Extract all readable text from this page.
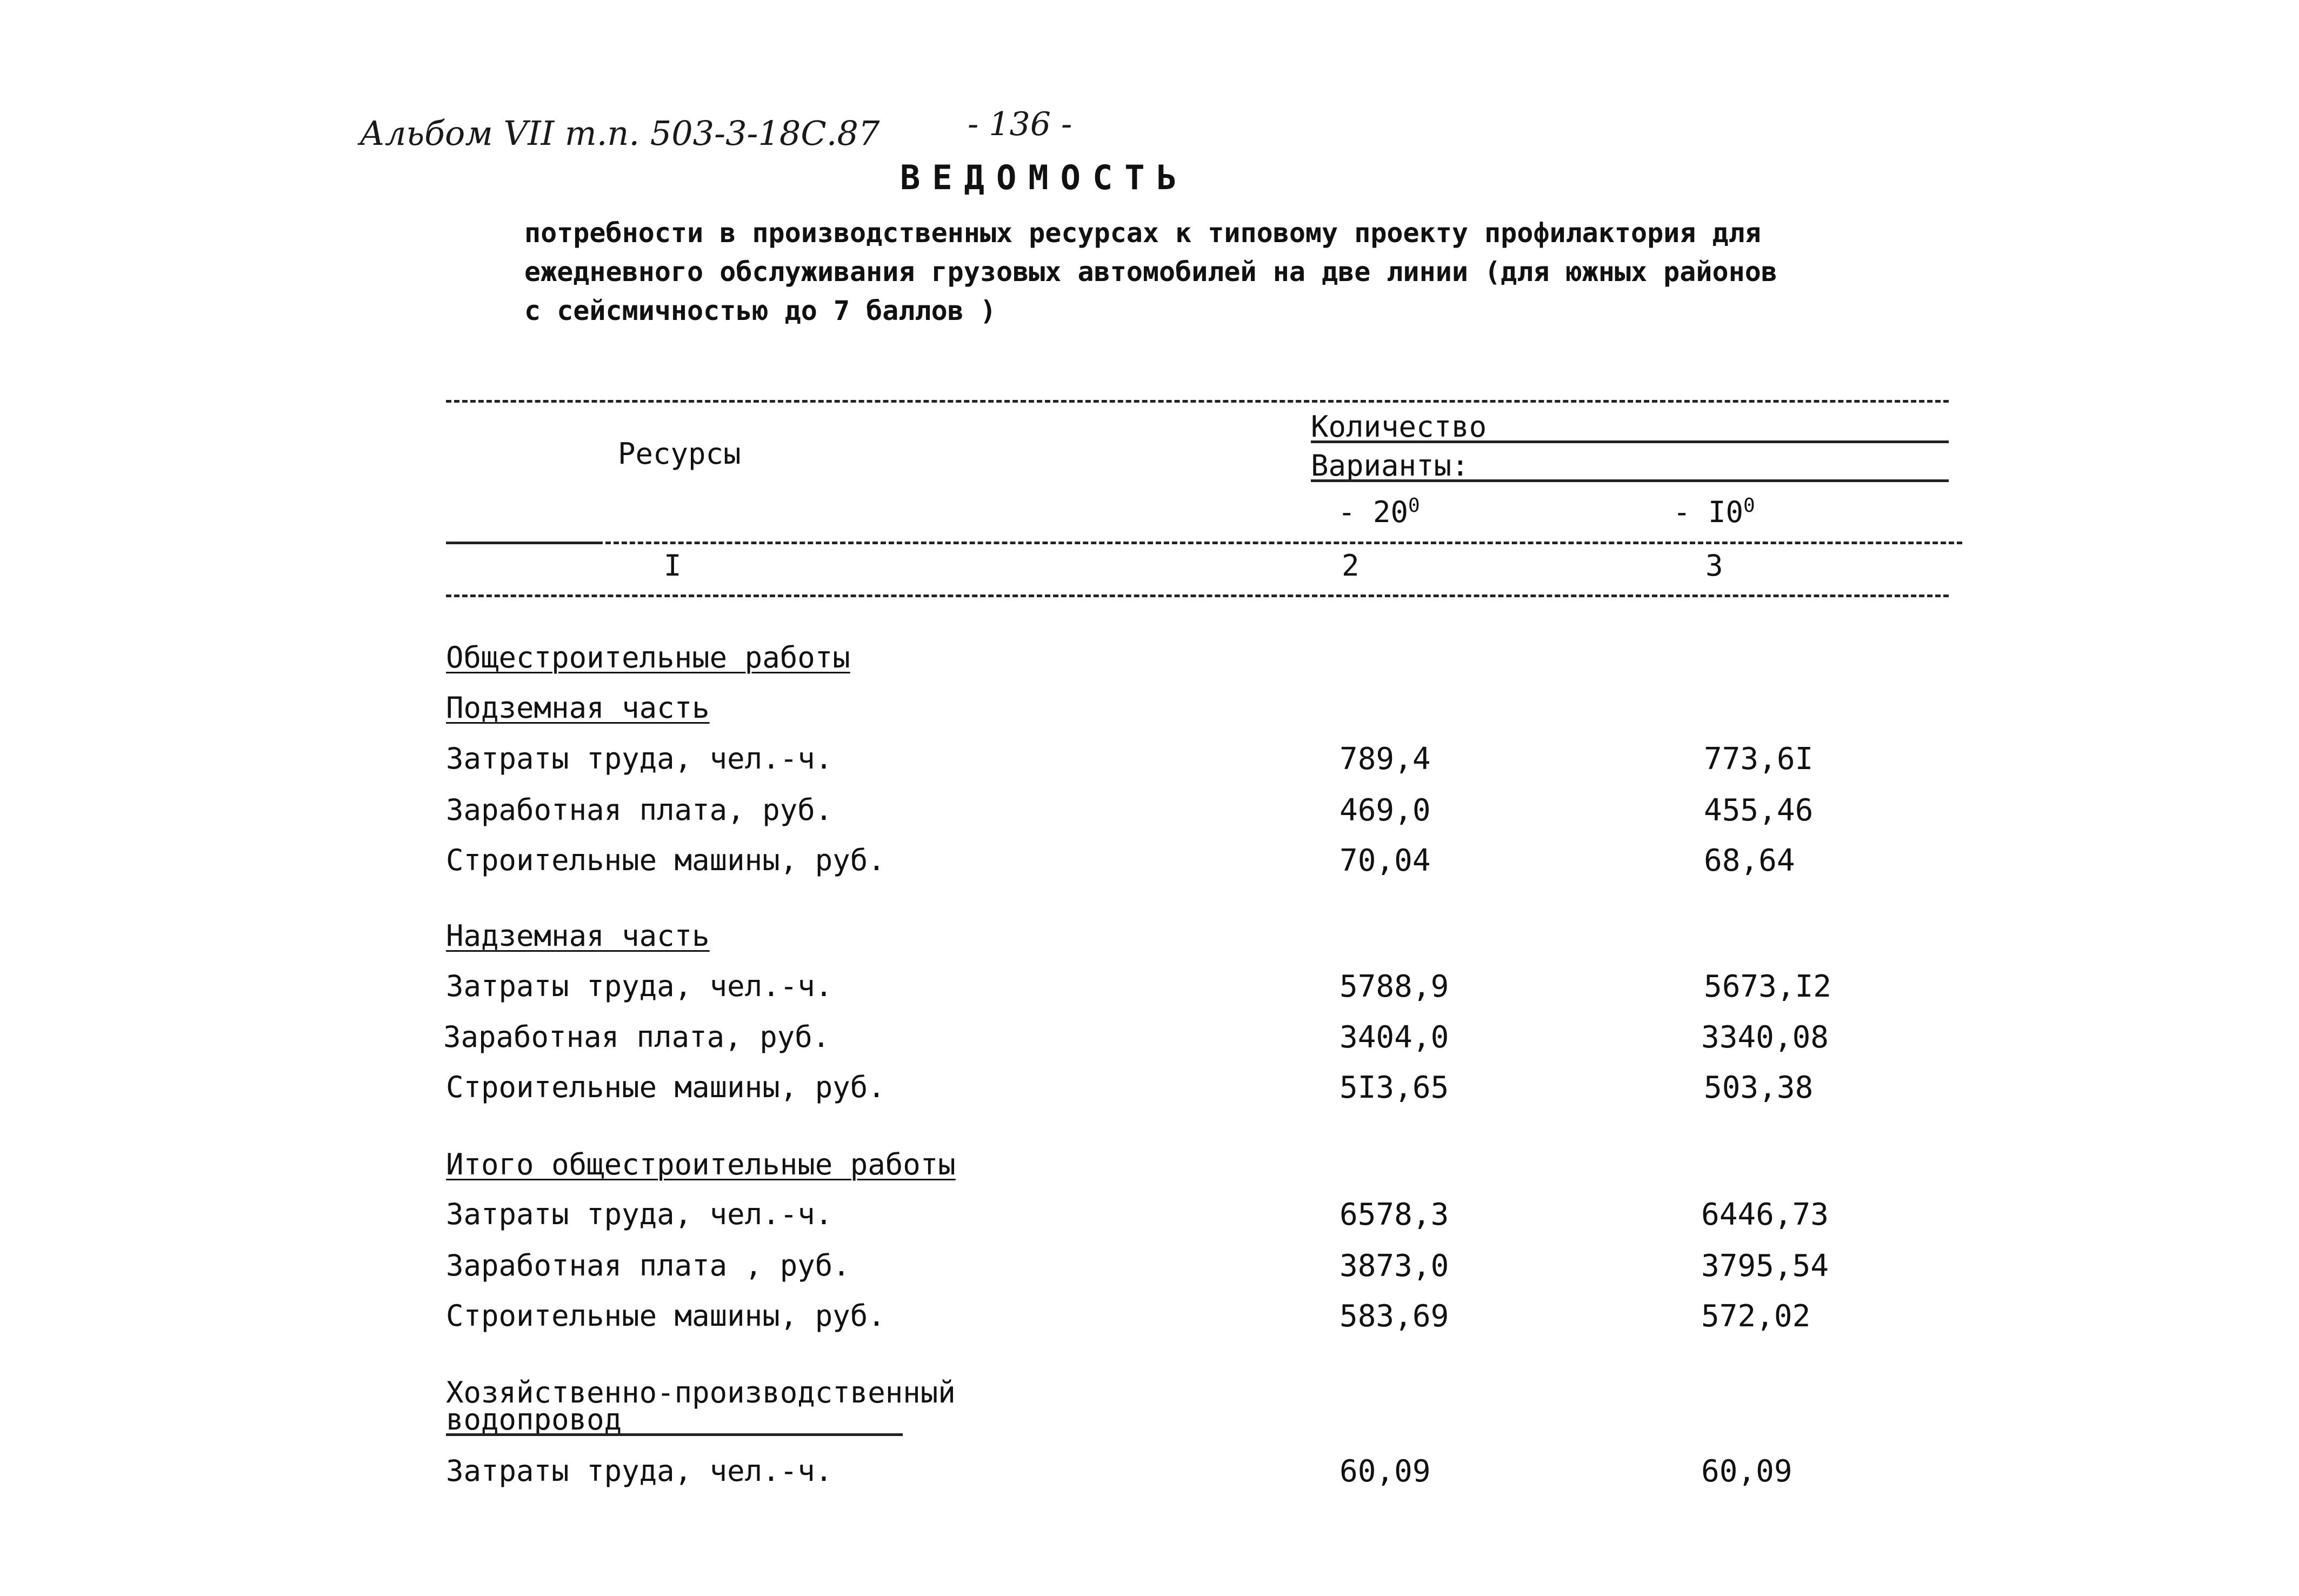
Альбом VII т.п. 503-3-18С.87	- 136 -
ВЕДОМОСТЬ
потребности в производственных ресурсах к типовому проекту профилактория для
ежедневного обслуживания грузовых автомобилей на две линии (для южных районов
с сейсмичностью до 7 баллов )
Ресурсы
Количество
Варианты:
- $20^0$	- $I0^0$
I	2	3
Общестроительные работы
Подземная часть
Затраты труда, чел.-ч.	789,4	773,6I
Заработная плата, руб.	469,0	455,46
Строительные машины, руб.	70,04	68,64
Надземная часть
Затраты труда, чел.-ч.	5788,9	5673,I2
Заработная плата, руб.	3404,0	3340,08
Строительные машины, руб.	5I3,65	503,38
Итого общестроительные работы
Затраты труда, чел.-ч.	6578,3	6446,73
Заработная плата , руб.	3873,0	3795,54
Строительные машины, руб.	583,69	572,02
Хозяйственно-производственный
водопровод
Затраты труда, чел.-ч.	60,09	60,09
